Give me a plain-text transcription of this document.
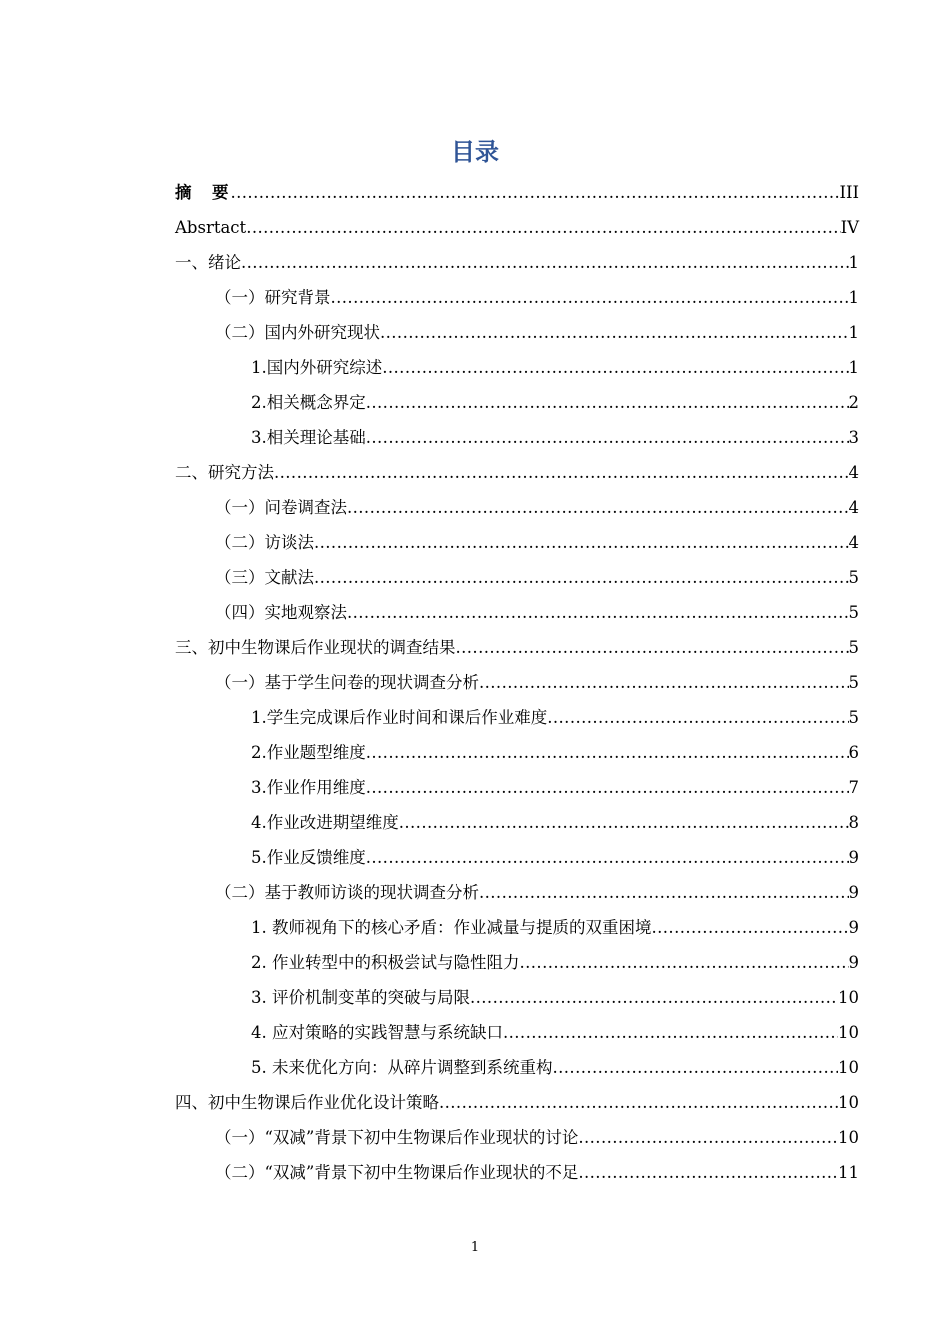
目录
摘　要 .....	III
Absrtact .....	IV
一、绪论 .....	1
（一）研究背景 .....	1
（二）国内外研究现状 .....	1
1.国内外研究综述 .....	1
2.相关概念界定 .....	2
3.相关理论基础 .....	3
二、研究方法 .....	4
（一）问卷调查法 .....	4
（二）访谈法 .....	4
（三）文献法 .....	5
（四）实地观察法 .....	5
三、初中生物课后作业现状的调查结果 .....	5
（一）基于学生问卷的现状调查分析 .....	5
1.学生完成课后作业时间和课后作业难度 .....	5
2.作业题型维度 .....	6
3.作业作用维度 .....	7
4.作业改进期望维度 .....	8
5.作业反馈维度 .....	9
（二）基于教师访谈的现状调查分析 .....	9
1. 教师视角下的核心矛盾：作业减量与提质的双重困境 .....	9
2. 作业转型中的积极尝试与隐性阻力 .....	9
3. 评价机制变革的突破与局限 .....	10
4. 应对策略的实践智慧与系统缺口 .....	10
5. 未来优化方向：从碎片调整到系统重构 .....	10
四、初中生物课后作业优化设计策略 .....	10
（一）“双减”背景下初中生物课后作业现状的讨论 .....	10
（二）“双减”背景下初中生物课后作业现状的不足 .....	11
1
